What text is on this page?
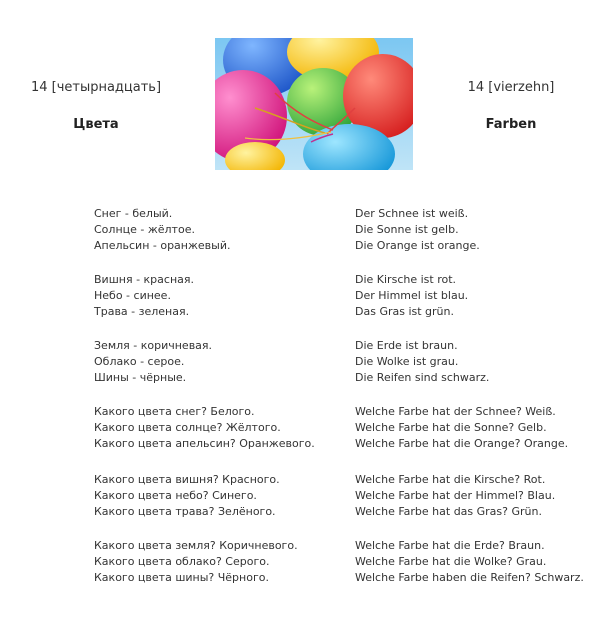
14 [четырнадцать]
Цвета
14 [vierzehn]
Farben
Снег - белый.
Солнце - жёлтое.
Апельсин - оранжевый.
Вишня - красная.
Небо - синее.
Трава - зеленая.
Земля - коричневая.
Облако - серое.
Шины - чёрные.
Какого цвета снег? Белого.
Какого цвета солнце? Жёлтого.
Какого цвета апельсин? Оранжевого.
Какого цвета вишня? Красного.
Какого цвета небо? Синего.
Какого цвета трава? Зелёного.
Какого цвета земля? Коричневого.
Какого цвета облако? Серого.
Какого цвета шины? Чёрного.
Der Schnee ist weiß.
Die Sonne ist gelb.
Die Orange ist orange.
Die Kirsche ist rot.
Der Himmel ist blau.
Das Gras ist grün.
Die Erde ist braun.
Die Wolke ist grau.
Die Reifen sind schwarz.
Welche Farbe hat der Schnee? Weiß.
Welche Farbe hat die Sonne? Gelb.
Welche Farbe hat die Orange? Orange.
Welche Farbe hat die Kirsche? Rot.
Welche Farbe hat der Himmel? Blau.
Welche Farbe hat das Gras? Grün.
Welche Farbe hat die Erde? Braun.
Welche Farbe hat die Wolke? Grau.
Welche Farbe haben die Reifen? Schwarz.
